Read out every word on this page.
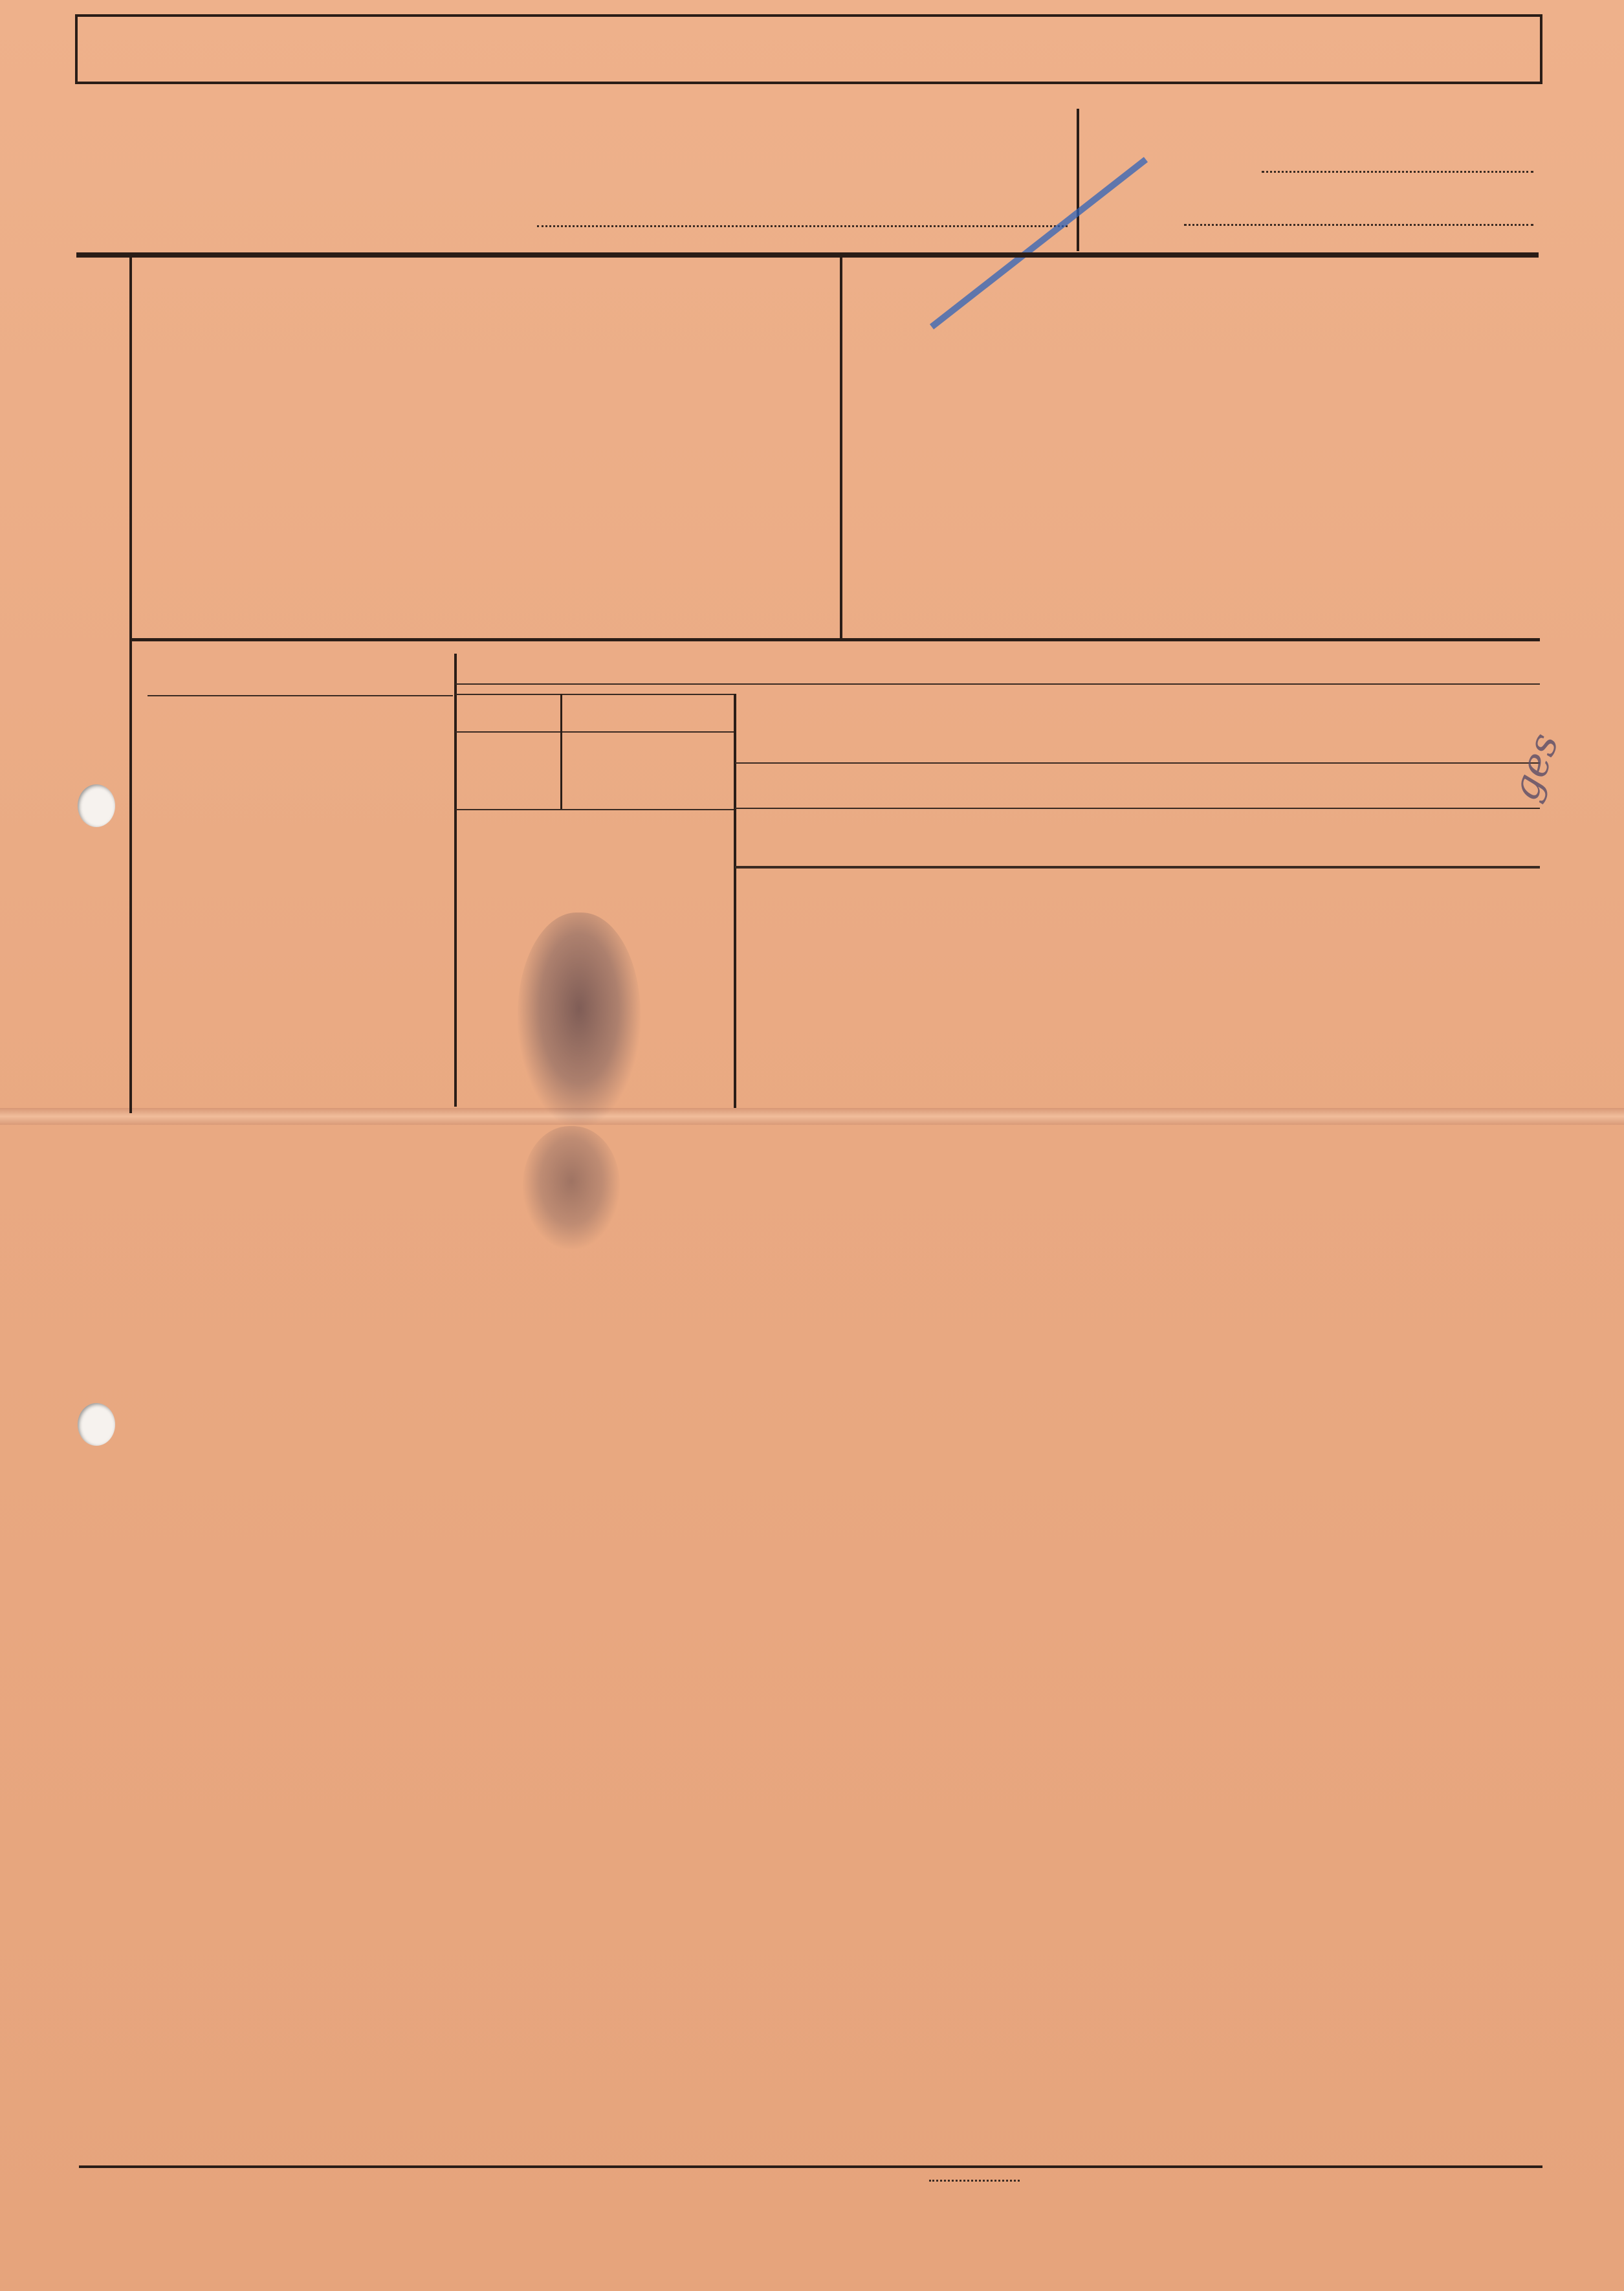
ges
